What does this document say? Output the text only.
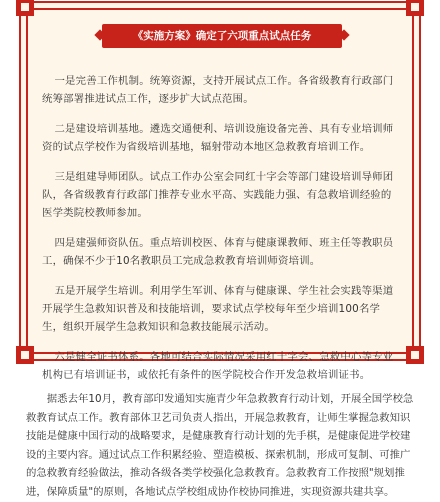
《实施方案》确定了六项重点试点任务

一是完善工作机制。统筹资源，支持开展试点工作。各省级教育行政部门统筹部署推进试点工作，逐步扩大试点范围。

二是建设培训基地。遴选交通便利、培训设施设备完善、具有专业培训师资的试点学校作为省级培训基地，辐射带动本地区急救教育培训工作。

三是组建导师团队。试点工作办公室会同红十字会等部门建设培训导师团队，各省级教育行政部门推荐专业水平高、实践能力强、有急救培训经验的医学类院校教师参加。

四是建强师资队伍。重点培训校医、体育与健康课教师、班主任等教职员工，确保不少于10名教职员工完成急救教育培训师资培训。

五是开展学生培训。利用学生军训、体育与健康课、学生社会实践等渠道开展学生急救知识普及和技能培训，要求试点学校每年至少培训100名学生，组织开展学生急救知识和急救技能展示活动。

六是健全证书体系。各地可结合实际情况采用红十字会、急救中心等专业机构已有培训证书，或依托有条件的医学院校合作开发急救培训证书。

据悉去年10月，教育部印发通知实施青少年急救教育行动计划，开展全国学校急救教育试点工作。教育部体卫艺司负责人指出，开展急救教育，让师生掌握急救知识技能是健康中国行动的战略要求，是健康教育行动计划的先手棋，是健康促进学校建设的主要内容。通过试点工作积累经验、塑造模板、探索机制，形成可复制、可推广的急救教育经验做法，推动各级各类学校强化急救教育。急救教育工作按照"规划推进，保障质量"的原则，各地试点学校组成协作校协同推进，实现资源共建共享。
